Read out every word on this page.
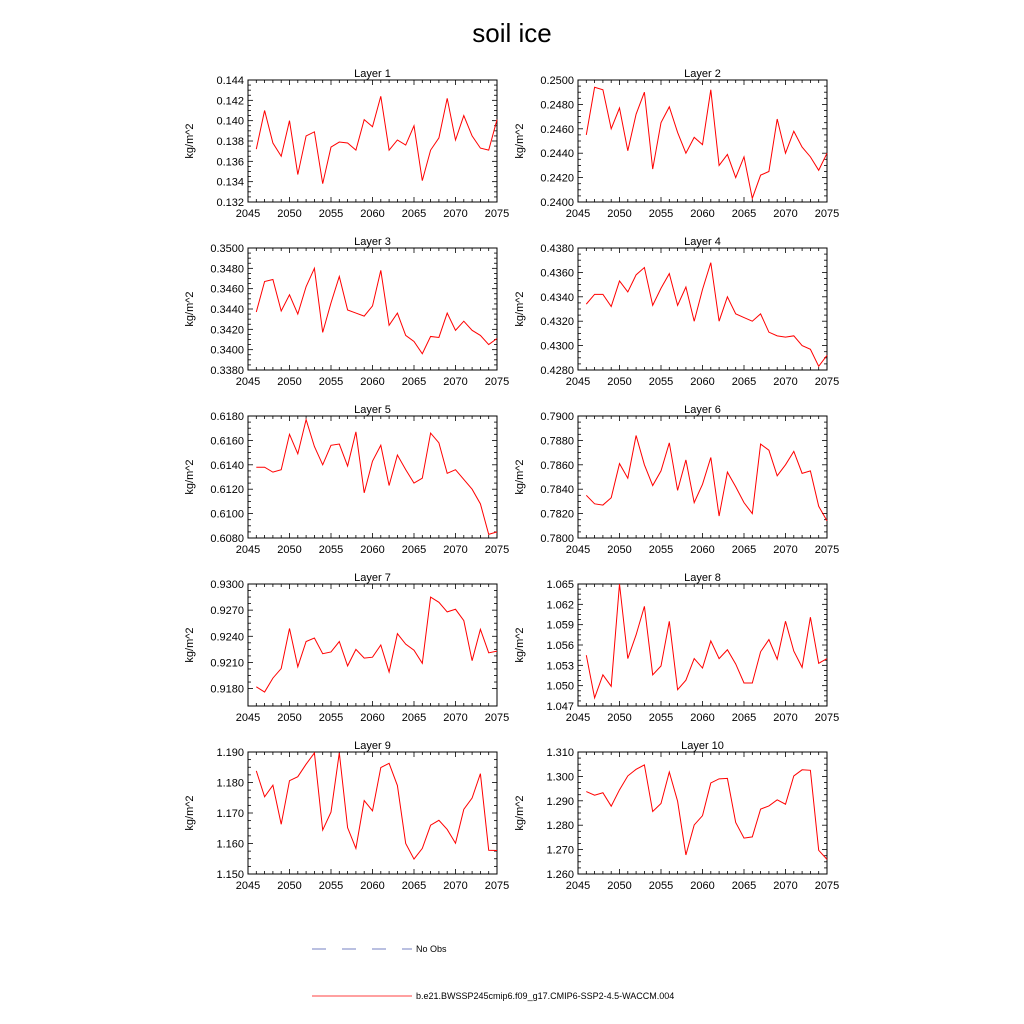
soil ice
Layer 1
2045 2050 2055 2060 2065 2070 2075
0.132
0.134
0.136
0.138
0.140
0.142
0.144
kg/m^2
Layer 2
2045 2050 2055 2060 2065 2070 2075
0.2400
0.2420
0.2440
0.2460
0.2480
0.2500
kg/m^2
Layer 3
2045 2050 2055 2060 2065 2070 2075
0.3380
0.3400
0.3420
0.3440
0.3460
0.3480
0.3500
kg/m^2
Layer 4
2045 2050 2055 2060 2065 2070 2075
0.4280
0.4300
0.4320
0.4340
0.4360
0.4380
kg/m^2
Layer 5
2045 2050 2055 2060 2065 2070 2075
0.6080
0.6100
0.6120
0.6140
0.6160
0.6180
kg/m^2
Layer 6
2045 2050 2055 2060 2065 2070 2075
0.7800
0.7820
0.7840
0.7860
0.7880
0.7900
kg/m^2
Layer 7
2045 2050 2055 2060 2065 2070 2075
0.9180
0.9210
0.9240
0.9270
0.9300
kg/m^2
Layer 8
2045 2050 2055 2060 2065 2070 2075
1.047
1.050
1.053
1.056
1.059
1.062
1.065
kg/m^2
Layer 9
2045 2050 2055 2060 2065 2070 2075
1.150
1.160
1.170
1.180
1.190
kg/m^2
Layer 10
2045 2050 2055 2060 2065 2070 2075
1.260
1.270
1.280
1.290
1.300
1.310
kg/m^2
No Obs
b.e21.BWSSP245cmip6.f09_g17.CMIP6-SSP2-4.5-WACCM.004
